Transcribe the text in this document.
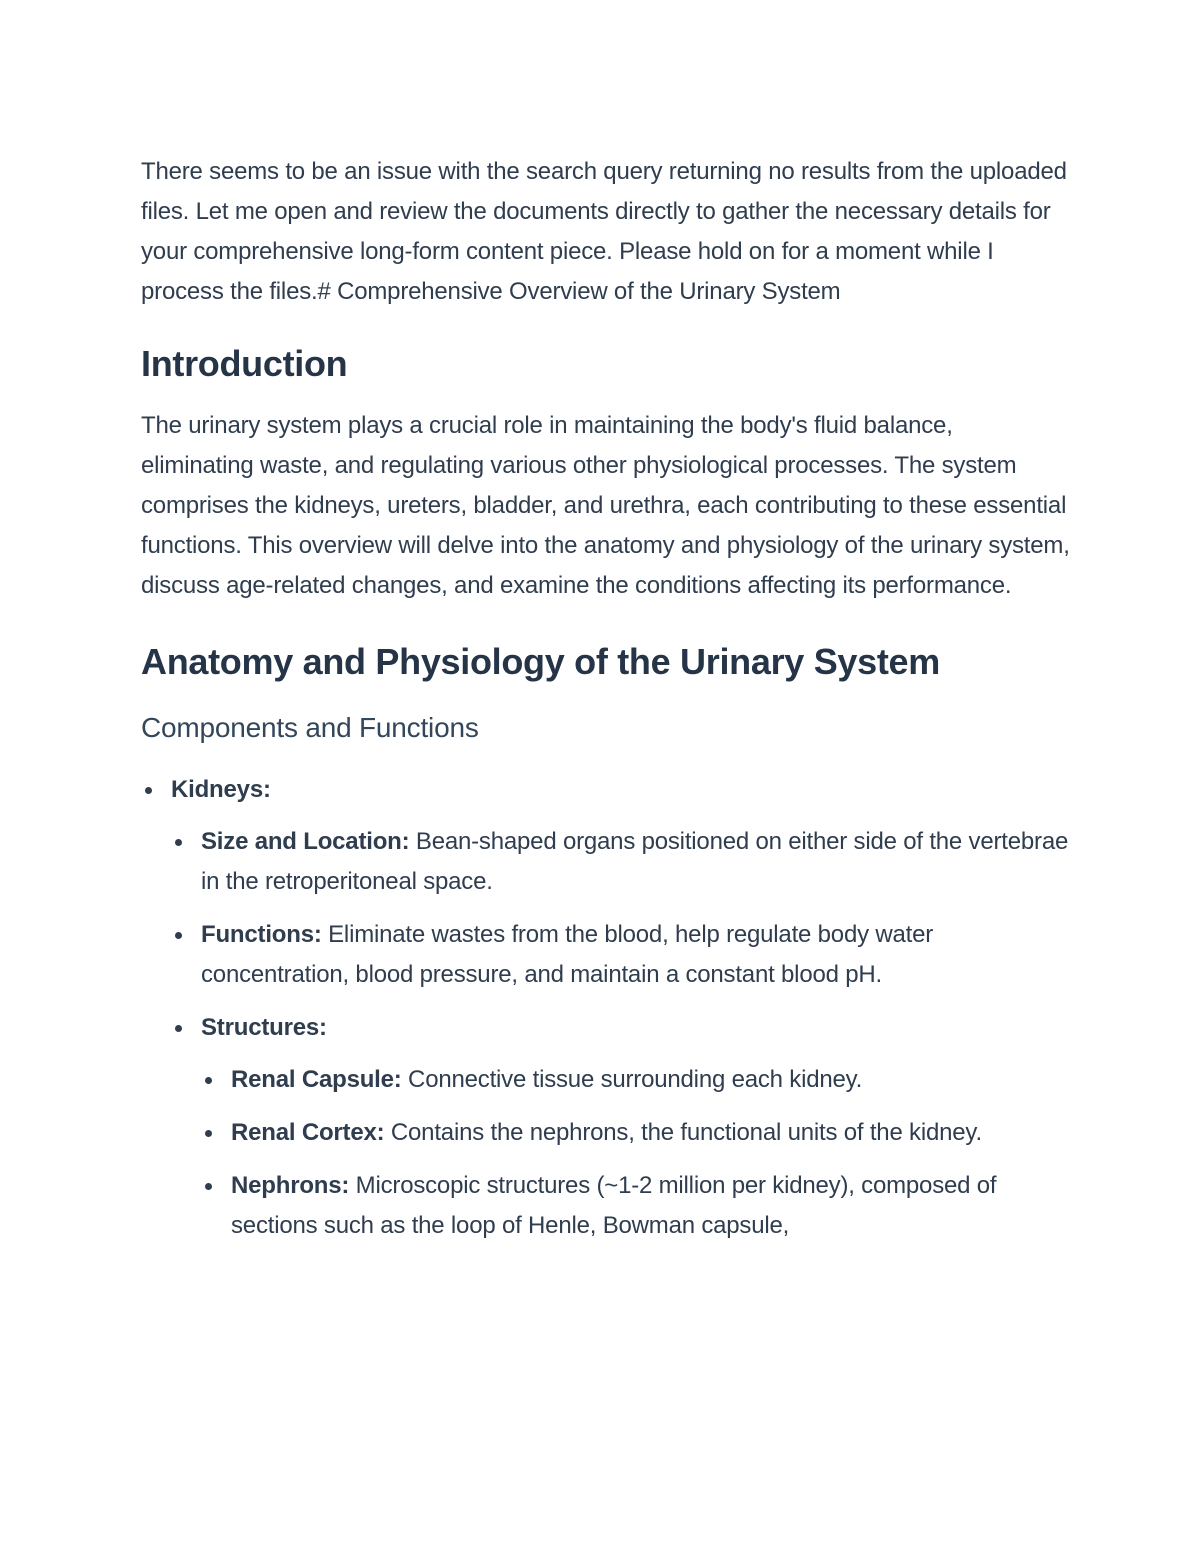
There seems to be an issue with the search query returning no results from the uploaded files. Let me open and review the documents directly to gather the necessary details for your comprehensive long-form content piece. Please hold on for a moment while I process the files.# Comprehensive Overview of the Urinary System

Introduction

The urinary system plays a crucial role in maintaining the body's fluid balance, eliminating waste, and regulating various other physiological processes. The system comprises the kidneys, ureters, bladder, and urethra, each contributing to these essential functions. This overview will delve into the anatomy and physiology of the urinary system, discuss age-related changes, and examine the conditions affecting its performance.

Anatomy and Physiology of the Urinary System
Components and Functions
Kidneys:
Size and Location: Bean-shaped organs positioned on either side of the vertebrae in the retroperitoneal space.
Functions: Eliminate wastes from the blood, help regulate body water concentration, blood pressure, and maintain a constant blood pH.
Structures:
Renal Capsule: Connective tissue surrounding each kidney.
Renal Cortex: Contains the nephrons, the functional units of the kidney.
Nephrons: Microscopic structures (~1-2 million per kidney), composed of sections such as the loop of Henle, Bowman capsule,
